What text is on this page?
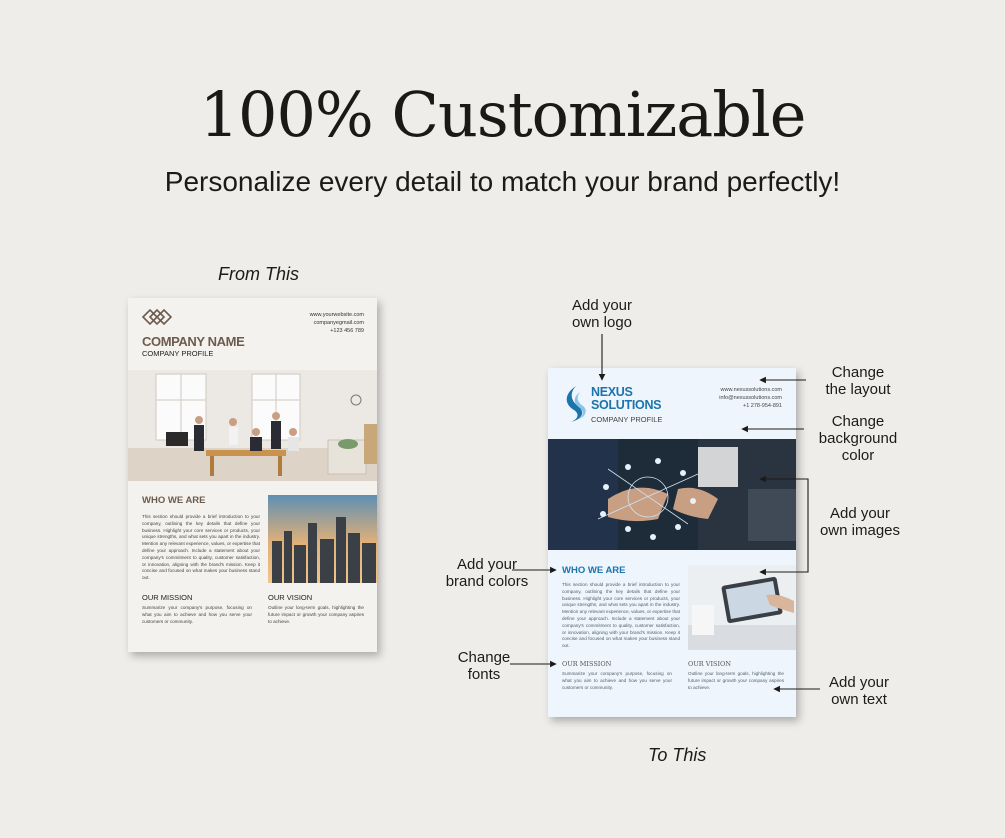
100% Customizable
Personalize every detail to match your brand perfectly!
From This
To This
www.yourwebsite.com
companyegmail.com
+123 456 789
COMPANY NAME
COMPANY PROFILE
WHO WE ARE
This section should provide a brief introduction to your company, outlining the key details that define your business. Highlight your core services or products, your unique strengths, and what sets you apart in the industry. Mention any relevant experience, values, or expertise that define your approach. Include a statement about your company's commitment to quality, customer satisfaction, or innovation, aligning with the brand's mission. Keep it concise and focused on what makes your business stand out.
OUR MISSION
Summarize your company's purpose, focusing on what you aim to achieve and how you serve your customers or community.
OUR VISION
Outline your long-term goals, highlighting the future impact or growth your company aspires to achieve.
NEXUS
SOLUTIONS
COMPANY PROFILE
www.nexussolutions.com
info@nexussolutions.com
+1 278-954-891
WHO WE ARE
This section should provide a brief introduction to your company, outlining the key details that define your business. Highlight your core services or products, your unique strengths, and what sets you apart in the industry. Mention any relevant experience, values, or expertise that define your approach. Include a statement about your company's commitment to quality, customer satisfaction, or innovation, aligning with your brand's mission. Keep it concise and focused on what makes your business stand out.
OUR MISSION
Summarize your company's purpose, focusing on what you aim to achieve and how you serve your customers or community.
OUR VISION
Outline your long-term goals, highlighting the future impact or growth your company aspires to achieve.
Add your
own logo
Change
the layout
Change
background
color
Add your
own images
Add your
brand colors
Change
fonts	Add your
own text
